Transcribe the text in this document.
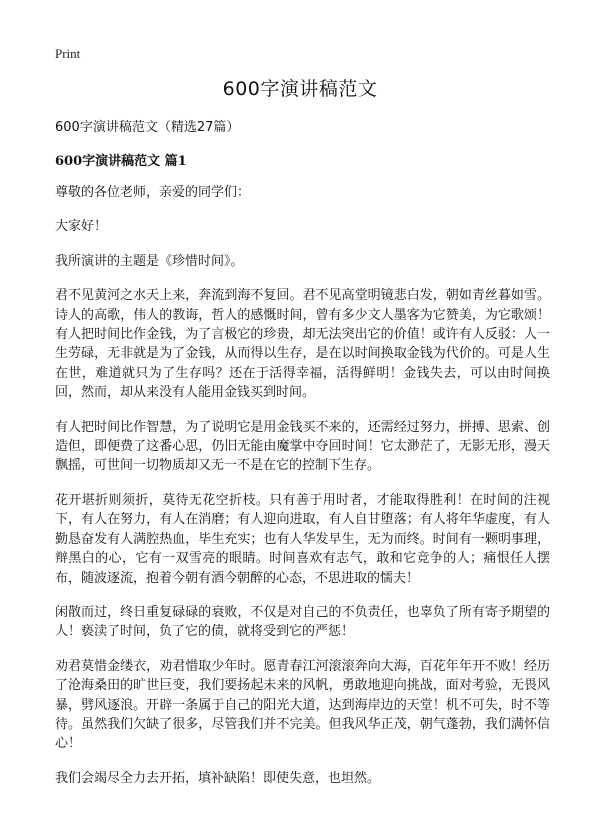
Print
600字演讲稿范文

600字演讲稿范文（精选27篇）

600字演讲稿范文 篇1

尊敬的各位老师，亲爱的同学们：

大家好！

我所演讲的主题是《珍惜时间》。

君不见黄河之水天上来，奔流到海不复回。君不见高堂明镜悲白发，朝如青丝暮如雪。诗人的高歌，伟人的教诲，哲人的感慨时间，曾有多少文人墨客为它赞美，为它歌颂！有人把时间比作金钱，为了言极它的珍贵，却无法突出它的价值！或许有人反驳：人一生劳碌，无非就是为了金钱，从而得以生存，是在以时间换取金钱为代价的。可是人生在世，难道就只为了生存吗？还在于活得幸福，活得鲜明！金钱失去，可以由时间换回，然而，却从来没有人能用金钱买到时间。

有人把时间比作智慧，为了说明它是用金钱买不来的，还需经过努力，拼搏、思索、创造但，即便费了这番心思，仍旧无能由魔掌中夺回时间！它太渺茫了，无影无形，漫天飘摇，可世间一切物质却又无一不是在它的控制下生存。

花开堪折则须折，莫待无花空折枝。只有善于用时者，才能取得胜利！在时间的注视下，有人在努力，有人在消磨；有人迎向进取，有人自甘堕落；有人将年华虚度，有人勤恳奋发有人满腔热血，毕生充实；也有人华发早生，无为而终。时间有一颗明事理，辩黑白的心，它有一双雪亮的眼睛。时间喜欢有志气，敢和它竞争的人；痛恨任人摆布，随波逐流，抱着今朝有酒今朝醉的心态，不思进取的懦夫！

闲散而过，终日重复碌碌的衰败，不仅是对自己的不负责任，也辜负了所有寄予期望的人！亵渎了时间，负了它的债，就将受到它的严惩！

劝君莫惜金缕衣，劝君惜取少年时。愿青春江河滚滚奔向大海，百花年年开不败！经历了沧海桑田的旷世巨变，我们要扬起未来的风帆，勇敢地迎向挑战，面对考验，无畏风暴，劈风逐浪。开辟一条属于自己的阳光大道，达到海岸边的天堂！机不可失，时不等待。虽然我们欠缺了很多，尽管我们并不完美。但我风华正茂，朝气蓬勃，我们满怀信心！

我们会竭尽全力去开拓，填补缺陷！即使失意，也坦然。
